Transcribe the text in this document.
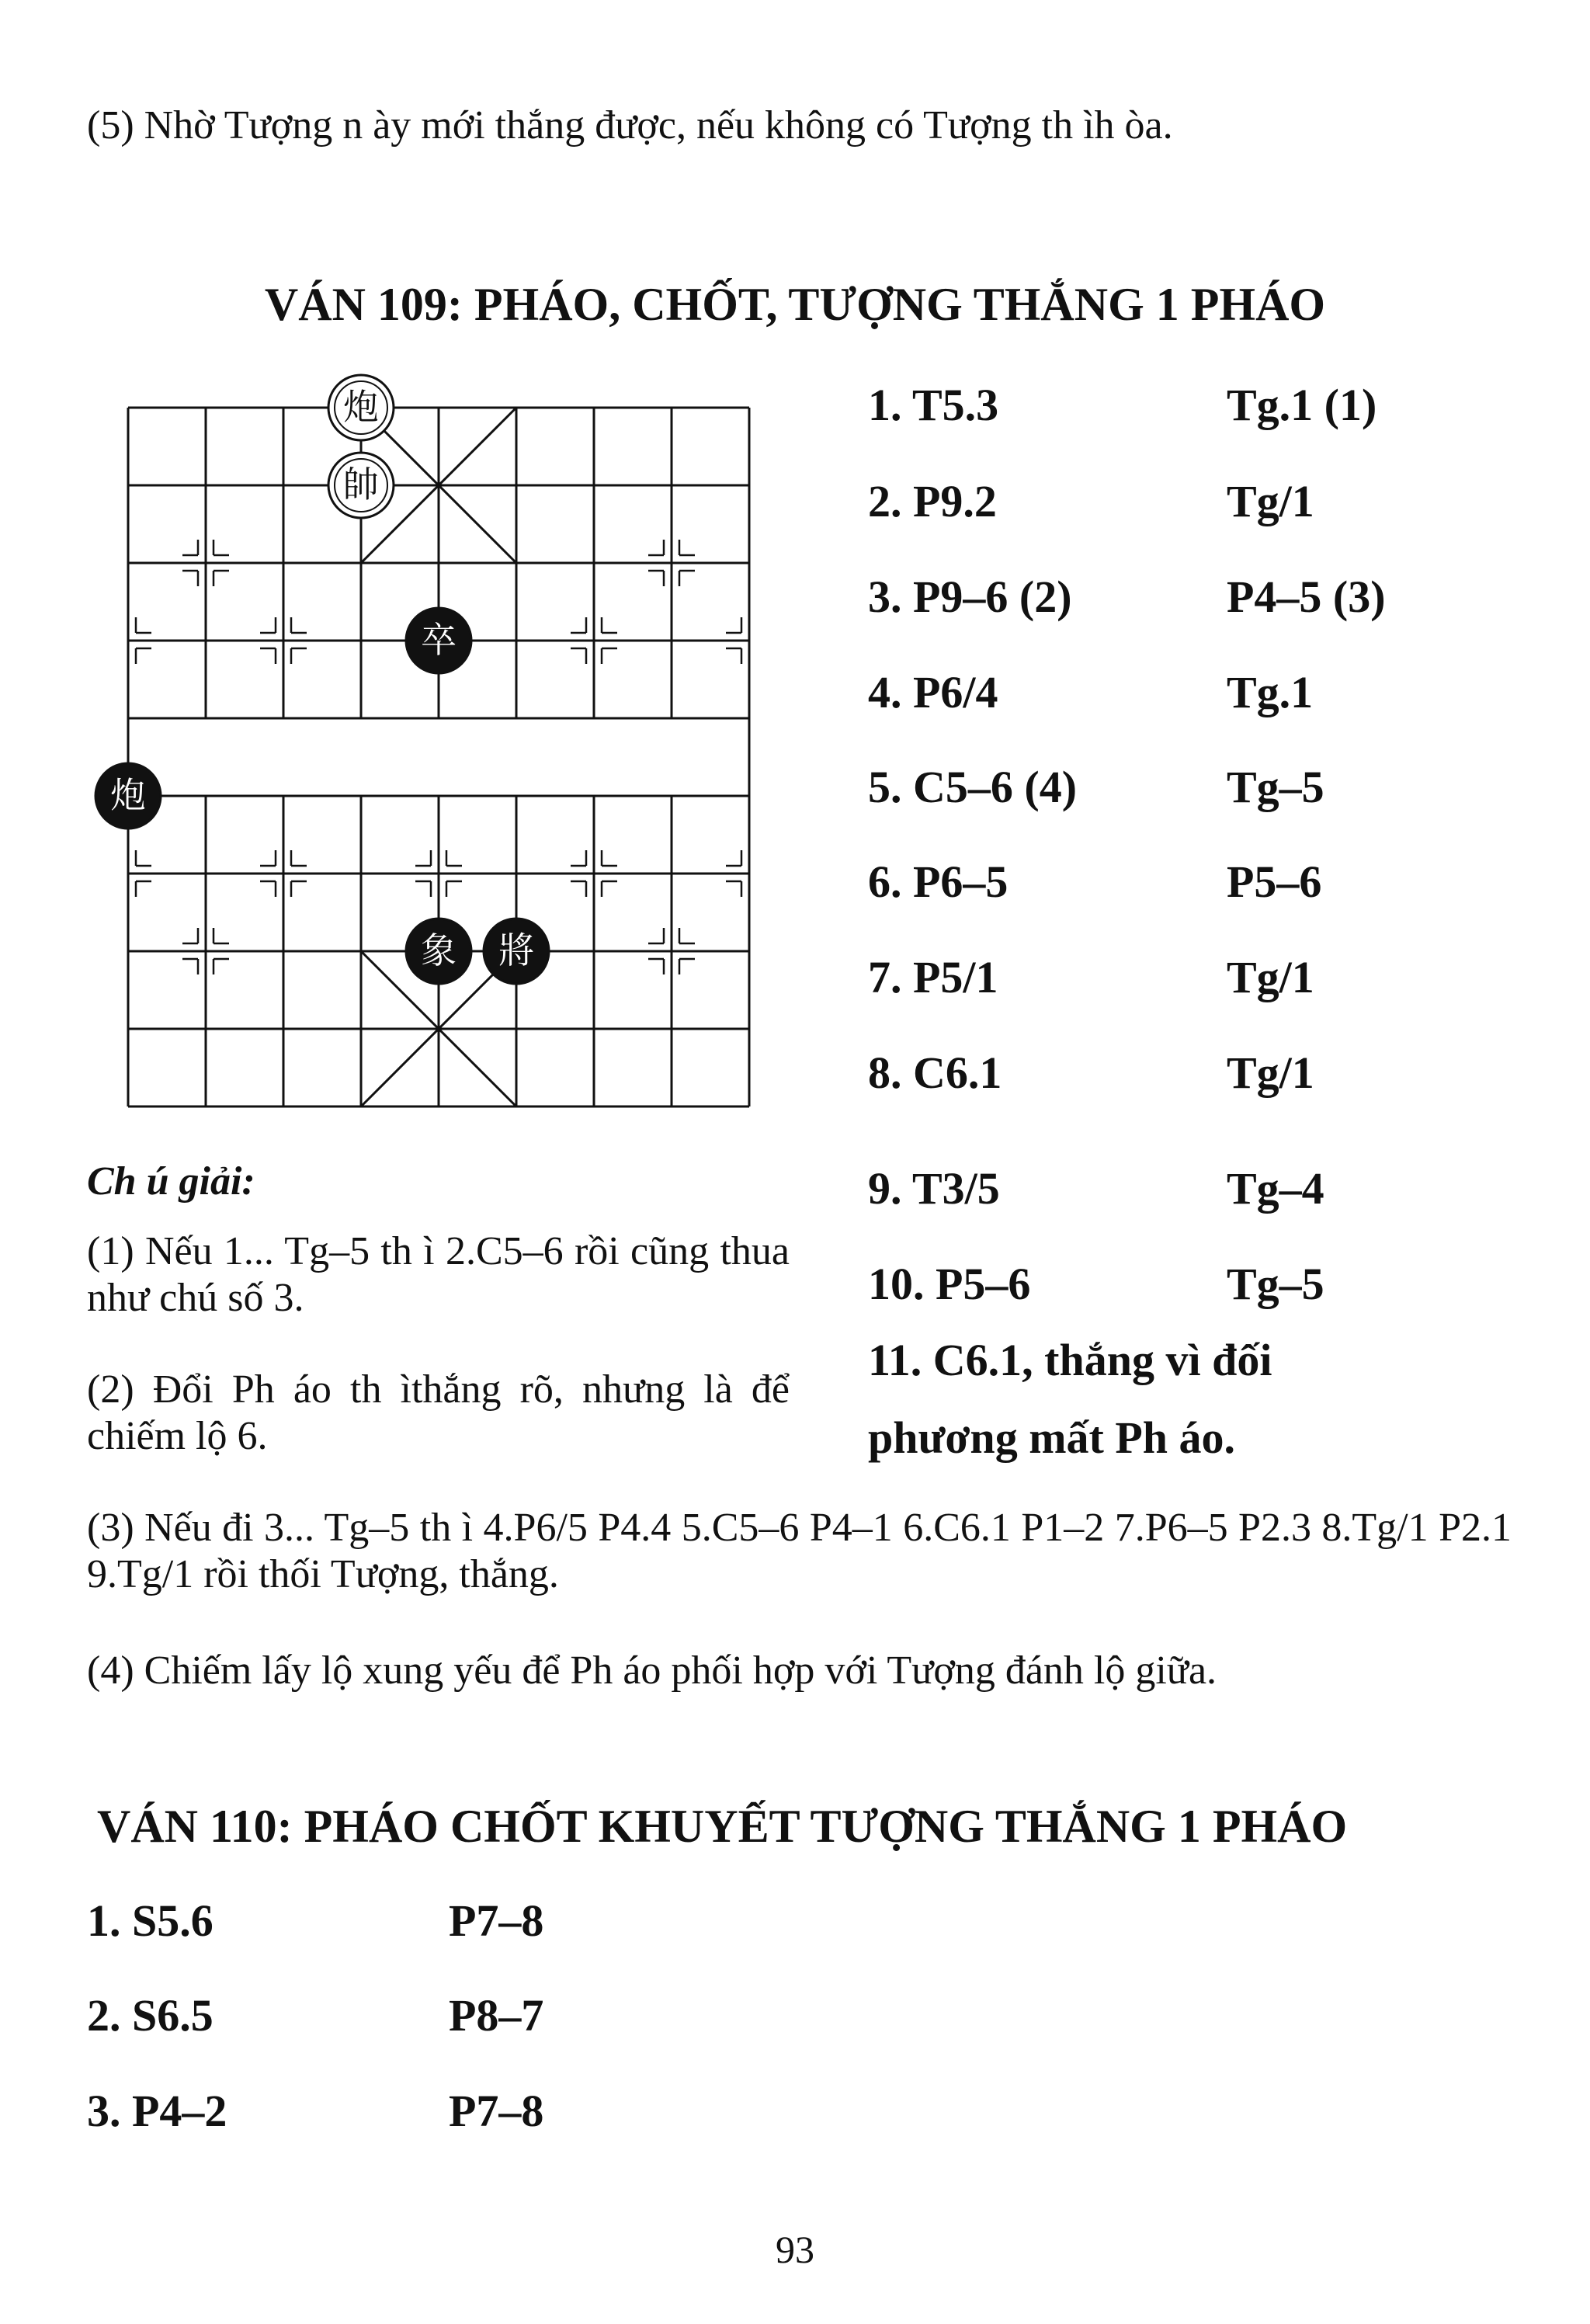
(5) Nhờ Tượng n ày mới thắng được, nếu không có Tượng th ìh òa.
VÁN 109: PHÁO, CHỐT, TƯỢNG THẮNG 1 PHÁO
炮
帥
卒
炮
象 將
1. T5.3	Tg.1 (1)
2. P9.2	Tg/1
3. P9–6 (2)	P4–5 (3)
4. P6/4	Tg.1
5. C5–6 (4)	Tg–5
6. P6–5	P5–6
7. P5/1	Tg/1
8. C6.1	Tg/1
9. T3/5	Tg–4
10. P5–6	Tg–5
11. C6.1, thắng vì đối
phương mất Ph áo.
Ch ú giải:
(1) Nếu 1... Tg–5 th ì 2.C5–6 rồi cũng thua như chú số 3.
(2) Đổi Ph áo th ìthắng rõ, nhưng là để chiếm lộ 6.
(3) Nếu đi 3... Tg–5 th ì 4.P6/5 P4.4 5.C5–6 P4–1 6.C6.1 P1–2 7.P6–5 P2.3 8.Tg/1 P2.1 9.Tg/1 rồi thối Tượng, thắng.
(4) Chiếm lấy lộ xung yếu để Ph áo phối hợp với Tượng đánh lộ giữa.
VÁN 110: PHÁO CHỐT KHUYẾT TƯỢNG THẮNG 1 PHÁO
1. S5.6	P7–8
2. S6.5	P8–7
3. P4–2	P7–8
93
